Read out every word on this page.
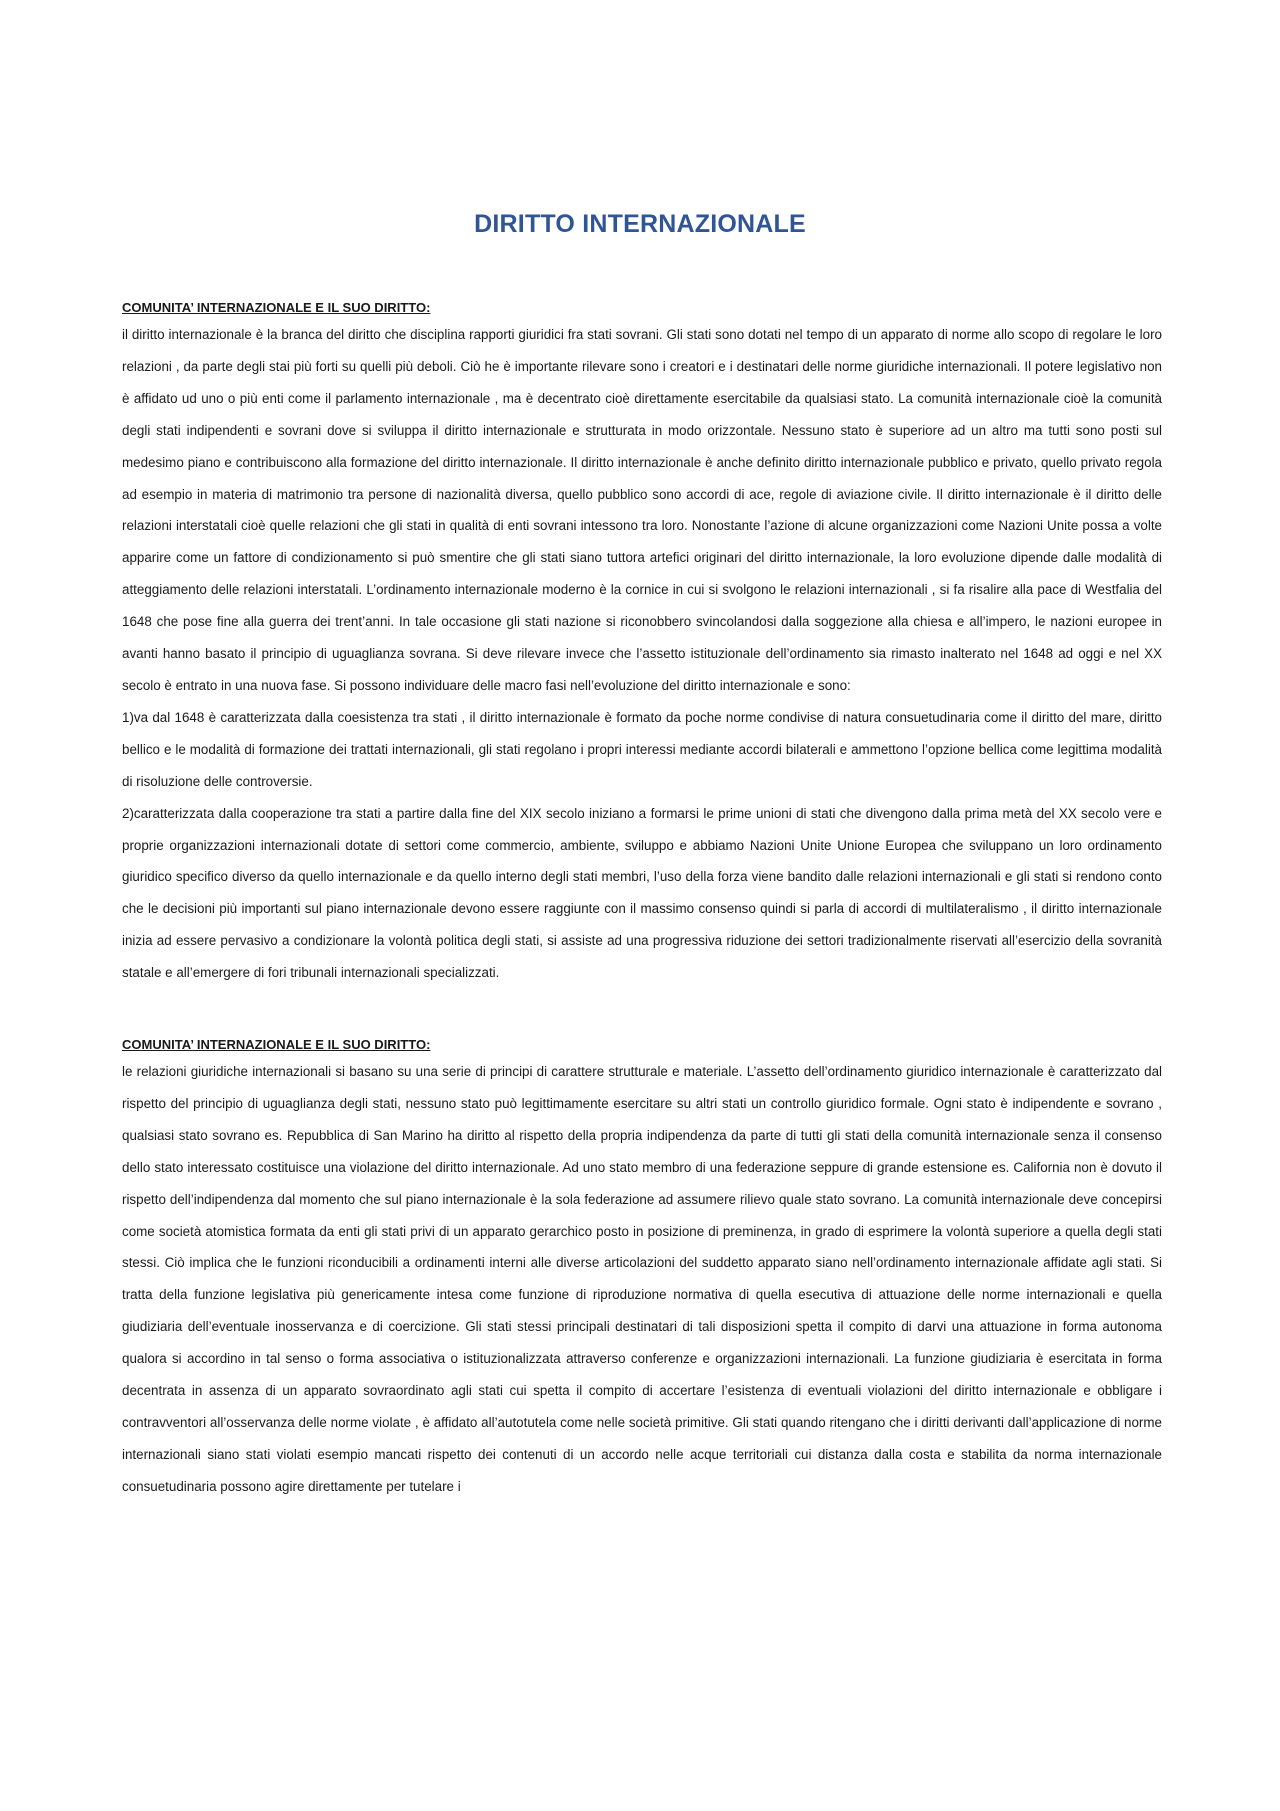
DIRITTO INTERNAZIONALE
COMUNITA’ INTERNAZIONALE E IL SUO DIRITTO:

il diritto internazionale è la branca del diritto che disciplina rapporti giuridici fra stati sovrani. Gli stati sono dotati nel tempo di un apparato di norme allo scopo di regolare le loro relazioni , da parte degli stai più forti su quelli più deboli. Ciò he è importante rilevare sono i creatori e i destinatari delle norme giuridiche internazionali. Il potere legislativo non è affidato ud uno o più enti come il parlamento internazionale , ma è decentrato cioè direttamente esercitabile da qualsiasi stato. La comunità internazionale cioè la comunità degli stati indipendenti e sovrani dove si sviluppa il diritto internazionale e strutturata in modo orizzontale. Nessuno stato è superiore ad un altro ma tutti sono posti sul medesimo piano e contribuiscono alla formazione del diritto internazionale. Il diritto internazionale è anche definito diritto internazionale pubblico e privato, quello privato regola ad esempio in materia di matrimonio tra persone di nazionalità diversa, quello pubblico sono accordi di ace, regole di aviazione civile. Il diritto internazionale è il diritto delle relazioni interstatali cioè quelle relazioni che gli stati in qualità di enti sovrani intessono tra loro. Nonostante l’azione di alcune organizzazioni come Nazioni Unite possa a volte apparire come un fattore di condizionamento si può smentire che gli stati siano tuttora artefici originari del diritto internazionale, la loro evoluzione dipende dalle modalità di atteggiamento delle relazioni interstatali. L’ordinamento internazionale moderno è la cornice in cui si svolgono le relazioni internazionali , si fa risalire alla pace di Westfalia del 1648 che pose fine alla guerra dei trent’anni. In tale occasione gli stati nazione si riconobbero svincolandosi dalla soggezione alla chiesa e all’impero, le nazioni europee in avanti hanno basato il principio di uguaglianza sovrana. Si deve rilevare invece che l’assetto istituzionale dell’ordinamento sia rimasto inalterato nel 1648 ad oggi e nel XX secolo è entrato in una nuova fase. Si possono individuare delle macro fasi nell’evoluzione del diritto internazionale e sono:

1)va dal 1648 è caratterizzata dalla coesistenza tra stati , il diritto internazionale è formato da poche norme condivise di natura consuetudinaria come il diritto del mare, diritto bellico e le modalità di formazione dei trattati internazionali, gli stati regolano i propri interessi mediante accordi bilaterali e ammettono l’opzione bellica come legittima modalità di risoluzione delle controversie.

2)caratterizzata dalla cooperazione tra stati a partire dalla fine del XIX secolo iniziano a formarsi le prime unioni di stati che divengono dalla prima metà del XX secolo vere e proprie organizzazioni internazionali dotate di settori come commercio, ambiente, sviluppo e abbiamo Nazioni Unite Unione Europea che sviluppano un loro ordinamento giuridico specifico diverso da quello internazionale e da quello interno degli stati membri, l’uso della forza viene bandito dalle relazioni internazionali e gli stati si rendono conto che le decisioni più importanti sul piano internazionale devono essere raggiunte con il massimo consenso quindi si parla di accordi di multilateralismo , il diritto internazionale inizia ad essere pervasivo a condizionare la volontà politica degli stati, si assiste ad una progressiva riduzione dei settori tradizionalmente riservati all’esercizio della sovranità statale e all’emergere di fori tribunali internazionali specializzati.

COMUNITA’ INTERNAZIONALE E IL SUO DIRITTO:

le relazioni giuridiche internazionali si basano su una serie di principi di carattere strutturale e materiale. L’assetto dell’ordinamento giuridico internazionale è caratterizzato dal rispetto del principio di uguaglianza degli stati, nessuno stato può legittimamente esercitare su altri stati un controllo giuridico formale. Ogni stato è indipendente e sovrano , qualsiasi stato sovrano es. Repubblica di San Marino ha diritto al rispetto della propria indipendenza da parte di tutti gli stati della comunità internazionale senza il consenso dello stato interessato costituisce una violazione del diritto internazionale. Ad uno stato membro di una federazione seppure di grande estensione es. California non è dovuto il rispetto dell’indipendenza dal momento che sul piano internazionale è la sola federazione ad assumere rilievo quale stato sovrano. La comunità internazionale deve concepirsi come società atomistica formata da enti gli stati privi di un apparato gerarchico posto in posizione di preminenza, in grado di esprimere la volontà superiore a quella degli stati stessi. Ciò implica che le funzioni riconducibili a ordinamenti interni alle diverse articolazioni del suddetto apparato siano nell’ordinamento internazionale affidate agli stati. Si tratta della funzione legislativa più genericamente intesa come funzione di riproduzione normativa di quella esecutiva di attuazione delle norme internazionali e quella giudiziaria dell’eventuale inosservanza e di coercizione. Gli stati stessi principali destinatari di tali disposizioni spetta il compito di darvi una attuazione in forma autonoma qualora si accordino in tal senso o forma associativa o istituzionalizzata attraverso conferenze e organizzazioni internazionali. La funzione giudiziaria è esercitata in forma decentrata in assenza di un apparato sovraordinato agli stati cui spetta il compito di accertare l’esistenza di eventuali violazioni del diritto internazionale e obbligare i contravventori all’osservanza delle norme violate , è affidato all’autotutela come nelle società primitive. Gli stati quando ritengano che i diritti derivanti dall’applicazione di norme internazionali siano stati violati esempio mancati rispetto dei contenuti di un accordo nelle acque territoriali cui distanza dalla costa e stabilita da norma internazionale consuetudinaria possono agire direttamente per tutelare i
